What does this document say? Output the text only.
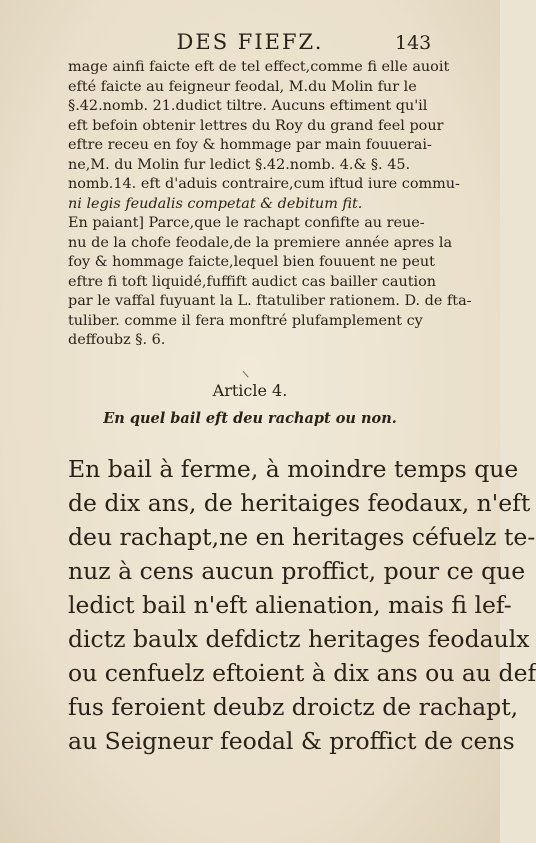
DES FIEFZ.	143

mage ainfi faicte eft de tel effect,comme fi elle auoit

efté faicte au feigneur feodal, M.du Molin fur le

§.42.nomb. 21.dudict tiltre. Aucuns eftiment qu'il

eft befoin obtenir lettres du Roy du grand feel pour

eftre receu en foy & hommage par main fouuerai-

ne,M. du Molin fur ledict §.42.nomb. 4.& §. 45.

nomb.14. eft d'aduis contraire,cum iftud iure commu-

ni legis feudalis competat & debitum fit.

En paiant] Parce,que le rachapt confifte au reue-

nu de la chofe feodale,de la premiere année apres la

foy & hommage faicte,lequel bien fouuent ne peut

eftre fi toft liquidé,fuffift audict cas bailler caution

par le vaffal fuyuant la L. ftatuliber rationem. D. de fta-

tuliber. comme il fera monftré plufamplement cy

deffoubz §. 6.

Article 4.
En quel bail eft deu rachapt ou non.

En bail à ferme, à moindre temps que

de dix ans, de heritaiges feodaux, n'eft

deu rachapt,ne en heritages céfuelz te-

nuz à cens aucun proffict, pour ce que

ledict bail n'eft alienation, mais fi lef-

dictz baulx defdictz heritages feodaulx

ou cenfuelz eftoient à dix ans ou au def

fus feroient deubz droictz de rachapt,

au Seigneur feodal & proffict de cens
